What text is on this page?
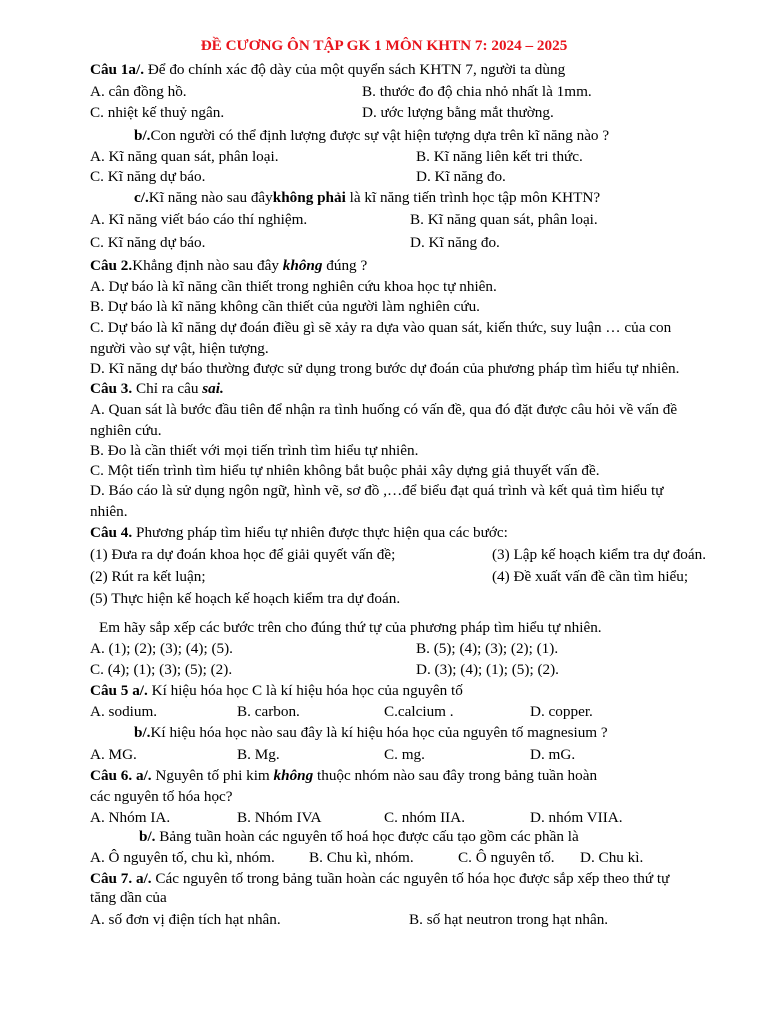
ĐỀ CƯƠNG ÔN TẬP GK 1 MÔN KHTN 7: 2024 – 2025
Câu 1a/. Để đo chính xác độ dày của một quyển sách KHTN 7, người ta dùng
A. cân đồng hồ.	B. thước đo độ chia nhỏ nhất là 1mm.
C. nhiệt kế thuỷ ngân.	D. ước lượng bằng mắt thường.
b/.Con người có thể định lượng được sự vật hiện tượng dựa trên kĩ năng nào ?
A. Kĩ năng quan sát, phân loại.	B. Kĩ năng liên kết tri thức.
C. Kĩ năng dự báo.	D. Kĩ năng đo.
c/.Kĩ năng nào sau đâykhông phải là kĩ năng tiến trình học tập môn KHTN?
A. Kĩ năng viết báo cáo thí nghiệm.	B. Kĩ năng quan sát, phân loại.
C. Kĩ năng dự báo.	D. Kĩ năng đo.
Câu 2.Khẳng định nào sau đây không đúng ?
A. Dự báo là kĩ năng cần thiết trong nghiên cứu khoa học tự nhiên.
B. Dự báo là kĩ năng không cần thiết của người làm nghiên cứu.
C. Dự báo là kĩ năng dự đoán điều gì sẽ xảy ra dựa vào quan sát, kiến thức, suy luận … của con
người vào sự vật, hiện tượng.
D. Kĩ năng dự báo thường được sử dụng trong bước dự đoán của phương pháp tìm hiểu tự nhiên.
Câu 3. Chỉ ra câu sai.
A. Quan sát là bước đầu tiên để nhận ra tình huống có vấn đề, qua đó đặt được câu hỏi về vấn đề
nghiên cứu.
B. Đo là cần thiết với mọi tiến trình tìm hiểu tự nhiên.
C. Một tiến trình tìm hiểu tự nhiên không bắt buộc phải xây dựng giả thuyết vấn đề.
D. Báo cáo là sử dụng ngôn ngữ, hình vẽ, sơ đồ ,…để biểu đạt quá trình và kết quả tìm hiểu tự
nhiên.
Câu 4. Phương pháp tìm hiểu tự nhiên được thực hiện qua các bước:
(1) Đưa ra dự đoán khoa học để giải quyết vấn đề;	(3) Lập kế hoạch kiểm tra dự đoán.
(2) Rút ra kết luận;	(4) Đề xuất vấn đề cần tìm hiểu;
(5) Thực hiện kế hoạch kế hoạch kiểm tra dự đoán.
Em hãy sắp xếp các bước trên cho đúng thứ tự của phương pháp tìm hiểu tự nhiên.
A. (1); (2); (3); (4); (5).	B. (5); (4); (3); (2); (1).
C. (4); (1); (3); (5); (2).	D. (3); (4); (1); (5); (2).
Câu 5 a/. Kí hiệu hóa học C là kí hiệu hóa học của nguyên tố
A. sodium.	B. carbon.	C.calcium .	D. copper.
b/.Kí hiệu hóa học nào sau đây là kí hiệu hóa học của nguyên tố magnesium ?
A. MG.	B. Mg.	C. mg.	D. mG.
Câu 6. a/. Nguyên tố phi kim không thuộc nhóm nào sau đây trong bảng tuần hoàn
các nguyên tố hóa học?
A. Nhóm IA.	B. Nhóm IVA	C. nhóm IIA.	D. nhóm VIIA.
b/. Bảng tuần hoàn các nguyên tố hoá học được cấu tạo gồm các phần là
A. Ô nguyên tố, chu kì, nhóm. B. Chu kì, nhóm.	C. Ô nguyên tố. D. Chu kì.
Câu 7. a/. Các nguyên tố trong bảng tuần hoàn các nguyên tố hóa học được sắp xếp theo thứ tự
tăng dần của
A. số đơn vị điện tích hạt nhân.	B. số hạt neutron trong hạt nhân.
